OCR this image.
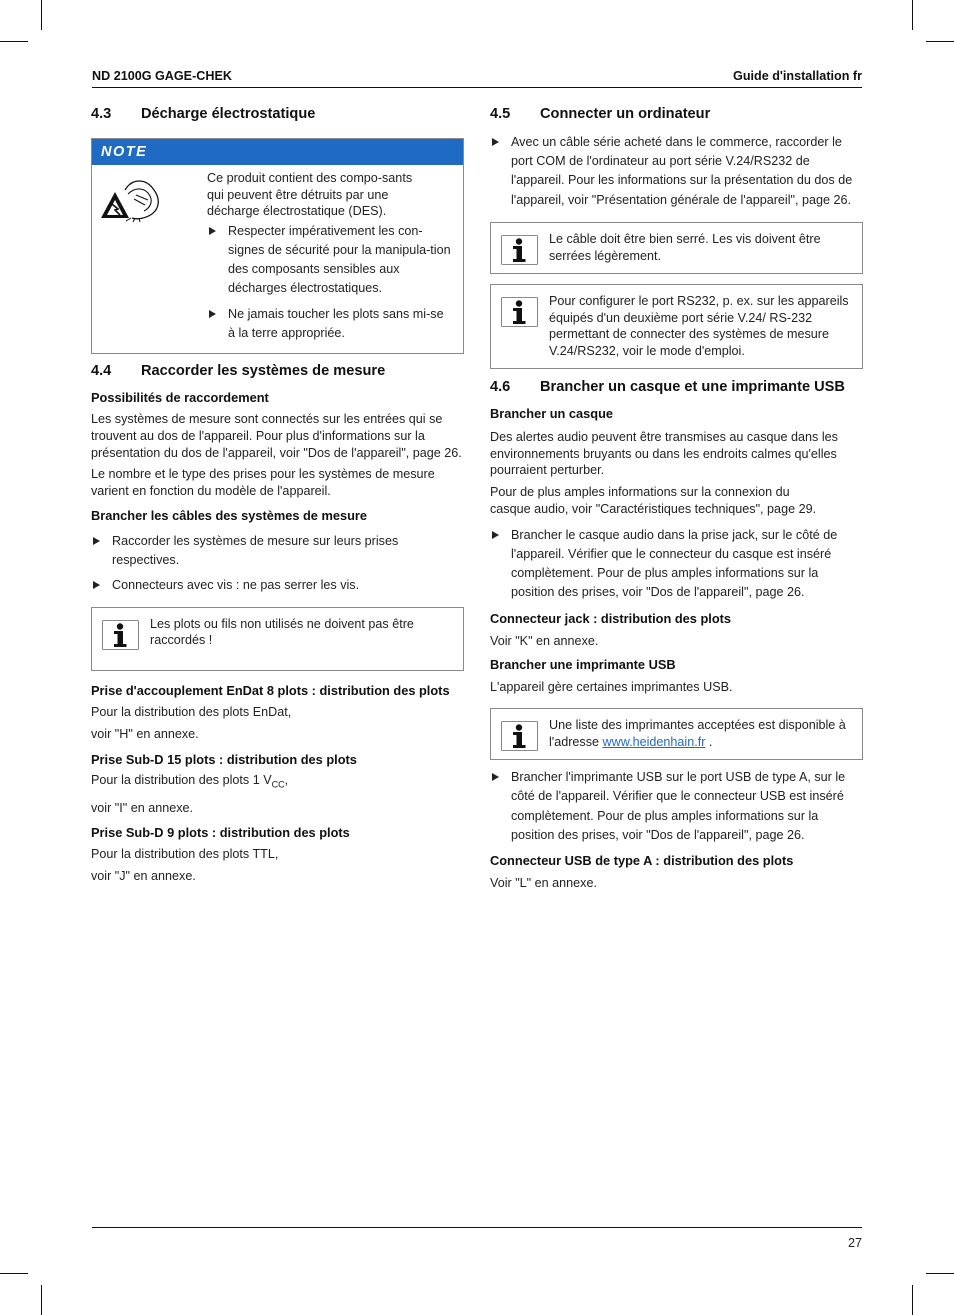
ND 2100G GAGE-CHEK	Guide d'installation fr
4.3	Décharge électrostatique
NOTE

Ce produit contient des compo-sants qui peuvent être détruits par une décharge électrostatique (DES).

Respecter impérativement les con-signes de sécurité pour la manipula-tion des composants sensibles aux décharges électrostatiques.
Ne jamais toucher les plots sans mi-se à la terre appropriée.
4.4	Raccorder les systèmes de mesure
Possibilités de raccordement

Les systèmes de mesure sont connectés sur les entrées qui se trouvent au dos de l'appareil. Pour plus d'informations sur la présentation du dos de l'appareil, voir "Dos de l'appareil", page 26.

Le nombre et le type des prises pour les systèmes de mesure varient en fonction du modèle de l'appareil.

Brancher les câbles des systèmes de mesure
Raccorder les systèmes de mesure sur leurs prises respectives.
Connecteurs avec vis : ne pas serrer les vis.
Les plots ou fils non utilisés ne doivent pas être raccordés !
Prise d'accouplement EnDat 8 plots : distribution des plots

Pour la distribution des plots EnDat,

voir "H" en annexe.

Prise Sub-D 15 plots : distribution des plots

Pour la distribution des plots 1 $V_{CC}$,

voir "I" en annexe.

Prise Sub-D 9 plots : distribution des plots

Pour la distribution des plots TTL,

voir "J" en annexe.

4.5	Connecter un ordinateur
Avec un câble série acheté dans le commerce, raccorder le port COM de l'ordinateur au port série V.24/RS232 de l'appareil. Pour les informations sur la présentation du dos de l'appareil, voir "Présentation générale de l'appareil", page 26.
Le câble doit être bien serré. Les vis doivent être serrées légèrement.
Pour configurer le port RS232, p. ex. sur les appareils équipés d'un deuxième port série V.24/ RS-232 permettant de connecter des systèmes de mesure V.24/RS232, voir le mode d'emploi.
4.6	Brancher un casque et une imprimante USB
Brancher un casque

Des alertes audio peuvent être transmises au casque dans les environnements bruyants ou dans les endroits calmes qu'elles pourraient perturber.

Pour de plus amples informations sur la connexion du casque audio, voir "Caractéristiques techniques", page 29.

Brancher le casque audio dans la prise jack, sur le côté de l'appareil. Vérifier que le connecteur du casque est inséré complètement. Pour de plus amples informations sur la position des prises, voir "Dos de l'appareil", page 26.
Connecteur jack : distribution des plots

Voir "K" en annexe.

Brancher une imprimante USB

L'appareil gère certaines imprimantes USB.

Une liste des imprimantes acceptées est disponible à l'adresse www.heidenhain.fr .
Brancher l'imprimante USB sur le port USB de type A, sur le côté de l'appareil. Vérifier que le connecteur USB est inséré complètement. Pour de plus amples informations sur la position des prises, voir "Dos de l'appareil", page 26.
Connecteur USB de type A : distribution des plots

Voir "L" en annexe.

27
